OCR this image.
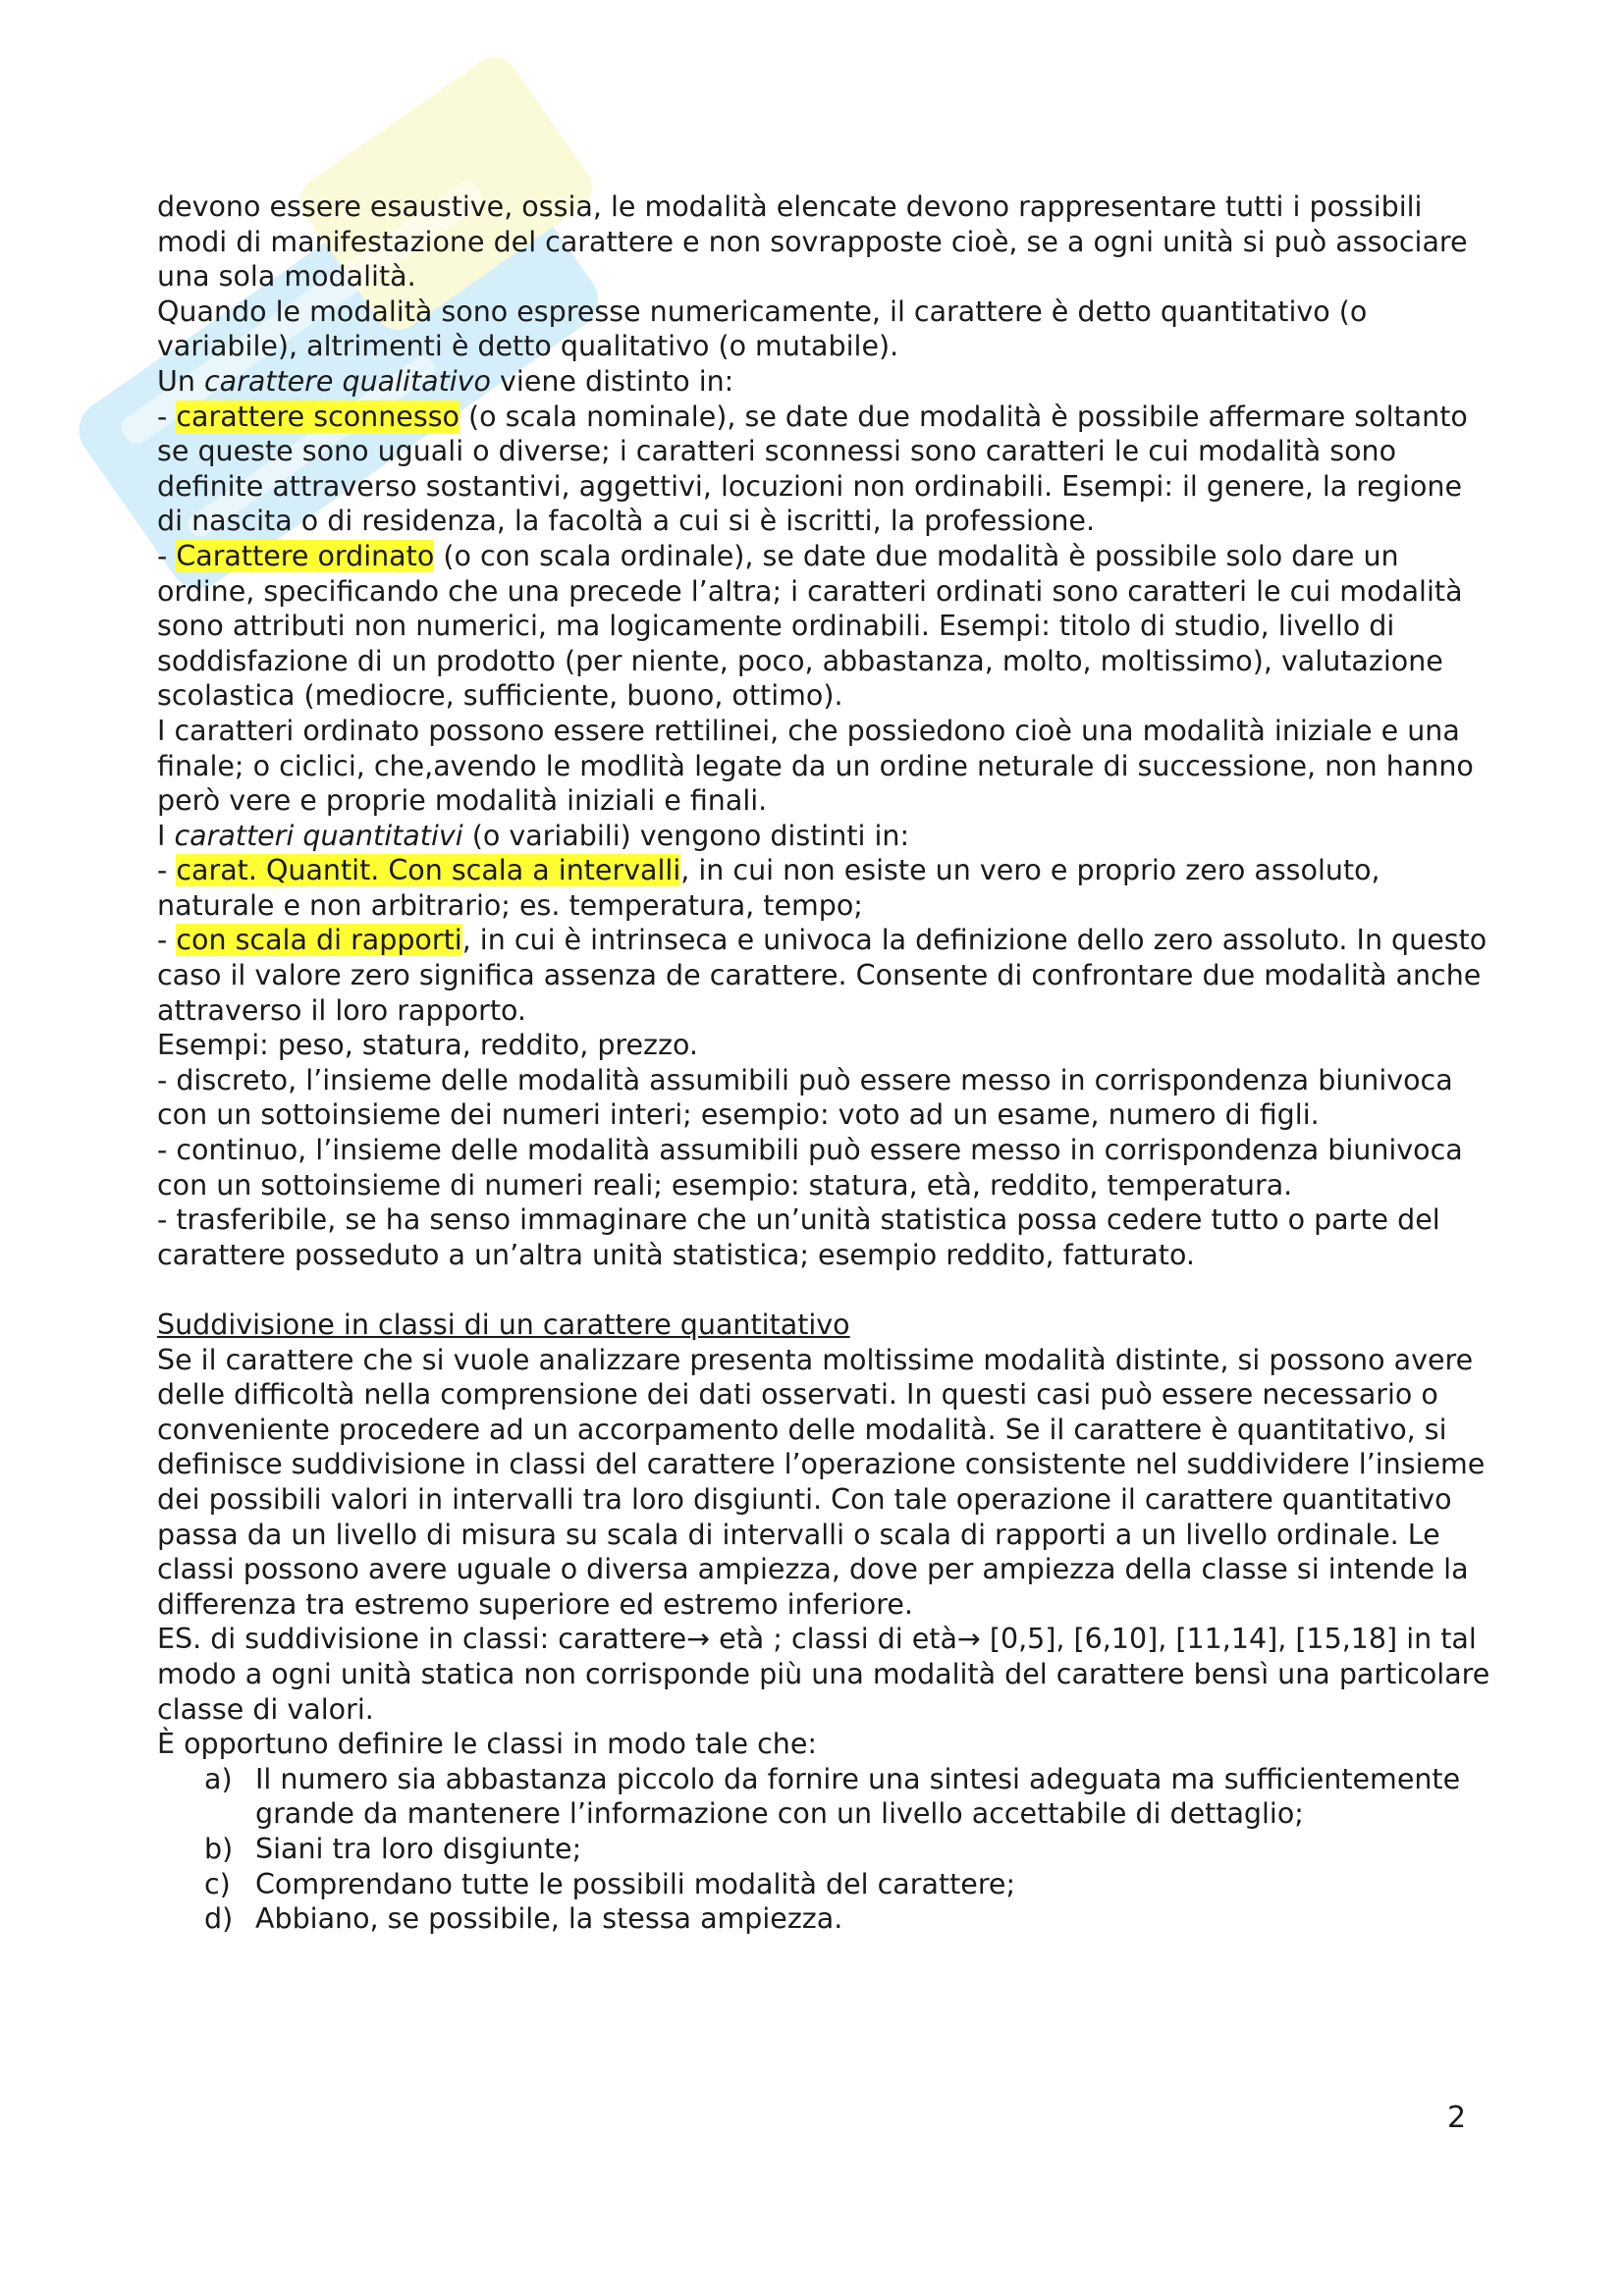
devono essere esaustive, ossia, le modalità elencate devono rappresentare tutti i possibili modi di manifestazione del carattere e non sovrapposte cioè, se a ogni unità si può associare una sola modalità.

Quando le modalità sono espresse numericamente, il carattere è detto quantitativo (o variabile), altrimenti è detto qualitativo (o mutabile).

Un carattere qualitativo viene distinto in:

- carattere sconnesso (o scala nominale), se date due modalità è possibile affermare soltanto se queste sono uguali o diverse; i caratteri sconnessi sono caratteri le cui modalità sono definite attraverso sostantivi, aggettivi, locuzioni non ordinabili. Esempi: il genere, la regione di nascita o di residenza, la facoltà a cui si è iscritti, la professione.

- Carattere ordinato (o con scala ordinale), se date due modalità è possibile solo dare un ordine, specificando che una precede l’altra; i caratteri ordinati sono caratteri le cui modalità sono attributi non numerici, ma logicamente ordinabili. Esempi: titolo di studio, livello di soddisfazione di un prodotto (per niente, poco, abbastanza, molto, moltissimo), valutazione scolastica (mediocre, sufficiente, buono, ottimo).

I caratteri ordinato possono essere rettilinei, che possiedono cioè una modalità iniziale e una finale; o ciclici, che,avendo le modlità legate da un ordine neturale di successione, non hanno però vere e proprie modalità iniziali e finali.

I caratteri quantitativi (o variabili) vengono distinti in:

- carat. Quantit. Con scala a intervalli, in cui non esiste un vero e proprio zero assoluto, naturale e non arbitrario; es. temperatura, tempo;

- con scala di rapporti, in cui è intrinseca e univoca la definizione dello zero assoluto. In questo caso il valore zero significa assenza de carattere. Consente di confrontare due modalità anche attraverso il loro rapporto.

Esempi: peso, statura, reddito, prezzo.

- discreto, l’insieme delle modalità assumibili può essere messo in corrispondenza biunivoca con un sottoinsieme dei numeri interi; esempio: voto ad un esame, numero di figli.

- continuo, l’insieme delle modalità assumibili può essere messo in corrispondenza biunivoca con un sottoinsieme di numeri reali; esempio: statura, età, reddito, temperatura.

- trasferibile, se ha senso immaginare che un’unità statistica possa cedere tutto o parte del carattere posseduto a un’altra unità statistica; esempio reddito, fatturato.

Suddivisione in classi di un carattere quantitativo

Se il carattere che si vuole analizzare presenta moltissime modalità distinte, si possono avere delle difficoltà nella comprensione dei dati osservati. In questi casi può essere necessario o conveniente procedere ad un accorpamento delle modalità. Se il carattere è quantitativo, si definisce suddivisione in classi del carattere l’operazione consistente nel suddividere l’insieme dei possibili valori in intervalli tra loro disgiunti. Con tale operazione il carattere quantitativo passa da un livello di misura su scala di intervalli o scala di rapporti a un livello ordinale. Le classi possono avere uguale o diversa ampiezza, dove per ampiezza della classe si intende la differenza tra estremo superiore ed estremo inferiore.

ES. di suddivisione in classi: carattere→ età ; classi di età→ [0,5], [6,10], [11,14], [15,18] in tal modo a ogni unità statica non corrisponde più una modalità del carattere bensì una particolare classe di valori.

È opportuno definire le classi in modo tale che:

a) Il numero sia abbastanza piccolo da fornire una sintesi adeguata ma sufficientemente grande da mantenere l’informazione con un livello accettabile di dettaglio;
b) Siani tra loro disgiunte;
c) Comprendano tutte le possibili modalità del carattere;
d) Abbiano, se possibile, la stessa ampiezza.
2
